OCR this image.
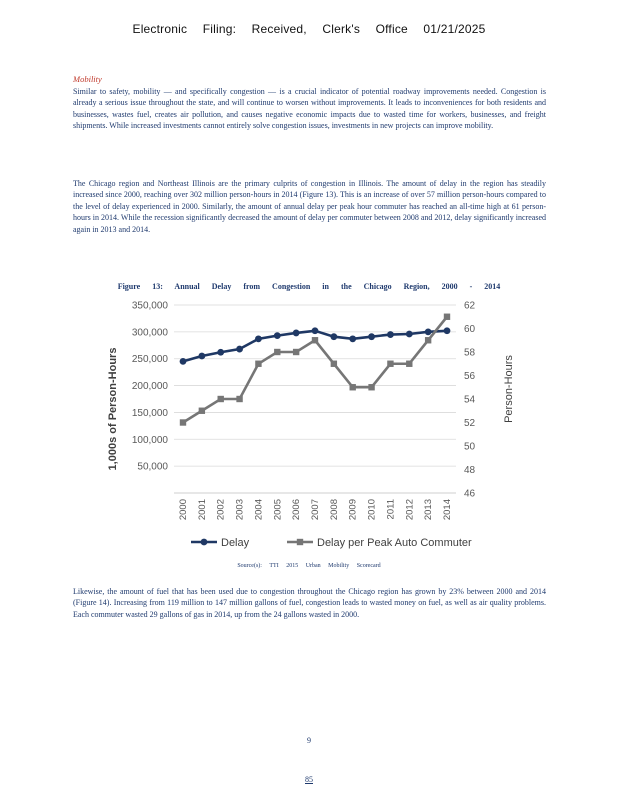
Electronic Filing: Received, Clerk's Office 01/21/2025
Mobility
Similar to safety, mobility — and specifically congestion — is a crucial indicator of potential roadway improvements needed. Congestion is already a serious issue throughout the state, and will continue to worsen without improvements. It leads to inconveniences for both residents and businesses, wastes fuel, creates air pollution, and causes negative economic impacts due to wasted time for workers, businesses, and freight shipments. While increased investments cannot entirely solve congestion issues, investments in new projects can improve mobility.
The Chicago region and Northeast Illinois are the primary culprits of congestion in Illinois. The amount of delay in the region has steadily increased since 2000, reaching over 302 million person-hours in 2014 (Figure 13). This is an increase of over 57 million person-hours compared to the level of delay experienced in 2000. Similarly, the amount of annual delay per peak hour commuter has reached an all-time high at 61 person-hours in 2014. While the recession significantly decreased the amount of delay per commuter between 2008 and 2012, delay significantly increased again in 2013 and 2014.
Figure 13: Annual Delay from Congestion in the Chicago Region, 2000 - 2014
50,000
100,000
150,000
200,000
250,000
300,000
350,000
46
48
50
52
54
56
58
60
62
2000 2001 2002 2003 2004 2005 2006 2007 2008 2009 2010 2011 2012 2013 2014
1,000s of Person-Hours	Person-Hours
Delay	Delay per Peak Auto Commuter
Source(s): TTI 2015 Urban Mobility Scorecard
Likewise, the amount of fuel that has been used due to congestion throughout the Chicago region has grown by 23% between 2000 and 2014 (Figure 14). Increasing from 119 million to 147 million gallons of fuel, congestion leads to wasted money on fuel, as well as air quality problems. Each commuter wasted 29 gallons of gas in 2014, up from the 24 gallons wasted in 2000.
9
85
